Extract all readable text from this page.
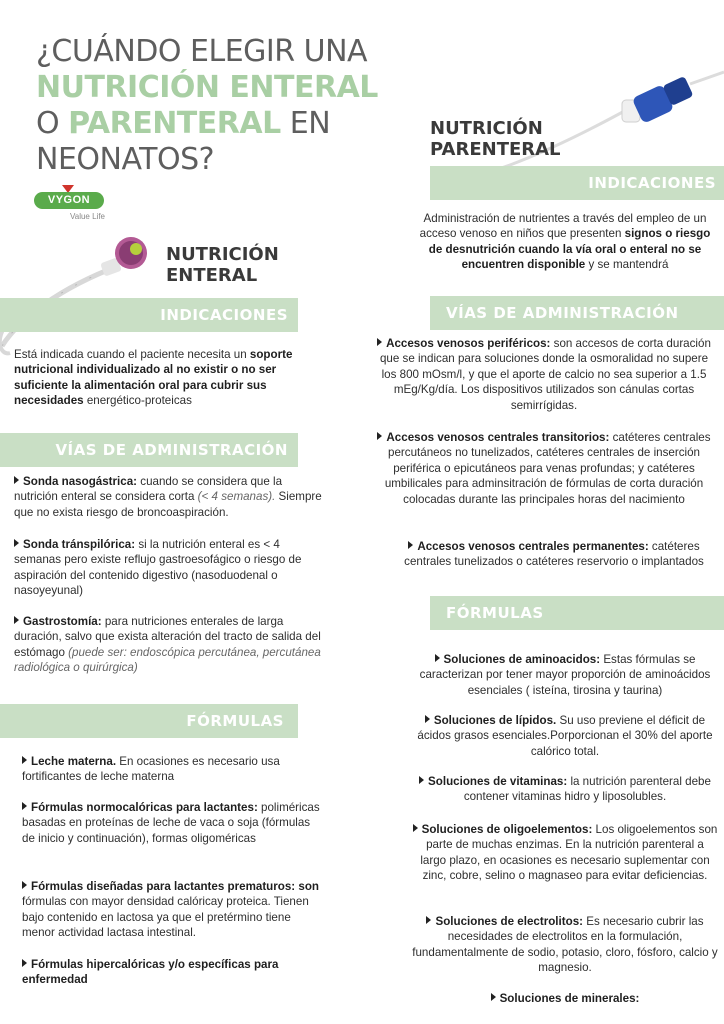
¿CUÁNDO ELEGIR UNA
NUTRICIÓN ENTERAL
O PARENTERAL EN
NEONATOS?
VYGON
Value Life
NUTRICIÓN
ENTERAL
INDICACIONES
Está indicada cuando el paciente necesita un soporte nutricional individualizado al no existir o no ser suficiente la alimentación oral para cubrir sus necesidades energético-proteicas
VÍAS DE ADMINISTRACIÓN
Sonda nasogástrica: cuando se considera que la nutrición enteral se considera corta (< 4 semanas). Siempre que no exista riesgo de broncoaspiración.
Sonda tránspilórica: si la nutrición enteral es < 4 semanas pero existe reflujo gastroesofágico o riesgo de aspiración del contenido digestivo (nasoduodenal o nasoyeyunal)
Gastrostomía: para nutriciones enterales de larga duración, salvo que exista alteración del tracto de salida del estómago (puede ser: endoscópica percutánea, percutánea radiológica o quirúrgica)
FÓRMULAS
Leche materna. En ocasiones es necesario usa fortificantes de leche materna
Fórmulas normocalóricas para lactantes: poliméricas basadas en proteínas de leche de vaca o soja (fórmulas de inicio y continuación), formas oligoméricas
Fórmulas diseñadas para lactantes prematuros: son fórmulas con mayor densidad calóricay proteica. Tienen bajo contenido en lactosa ya que el pretérmino tiene menor actividad lactasa intestinal.
Fórmulas hipercalóricas y/o específicas para enfermedad
NUTRICIÓN
PARENTERAL
INDICACIONES
Administración de nutrientes a través del empleo de un acceso venoso en niños que presenten signos o riesgo de desnutrición cuando la vía oral o enteral no se encuentren disponible y se mantendrá
VÍAS DE ADMINISTRACIÓN
Accesos venosos periféricos: son accesos de corta duración que se indican para soluciones donde la osmoralidad no supere los 800 mOsm/l, y que el aporte de calcio no sea superior a 1.5 mEg/Kg/día. Los dispositivos utilizados son cánulas cortas semirrígidas.
Accesos venosos centrales transitorios: catéteres centrales percutáneos no tunelizados, catéteres centrales de inserción periférica o epicutáneos para venas profundas; y catéteres umbilicales para adminsitración de fórmulas de corta duración colocadas durante las principales horas del nacimiento
Accesos venosos centrales permanentes: catéteres centrales tunelizados o catéteres reservorio o implantados
FÓRMULAS
Soluciones de aminoacidos: Estas fórmulas se caracterizan por tener mayor proporción de aminoácidos esenciales ( isteína, tirosina y taurina)
Soluciones de lípidos. Su uso previene el déficit de ácidos grasos esenciales.Porporcionan el 30% del aporte calórico total.
Soluciones de vitaminas: la nutrición parenteral debe contener vitaminas hidro y liposolubles.
Soluciones de oligoelementos: Los oligoelementos son parte de muchas enzimas. En la nutrición parenteral a largo plazo, en ocasiones es necesario suplementar con zinc, cobre, selino o magnaseo para evitar deficiencias.
Soluciones de electrolitos: Es necesario cubrir las necesidades de electrolitos en la formulación, fundamentalmente de sodio, potasio, cloro, fósforo, calcio y magnesio.
Soluciones de minerales:
